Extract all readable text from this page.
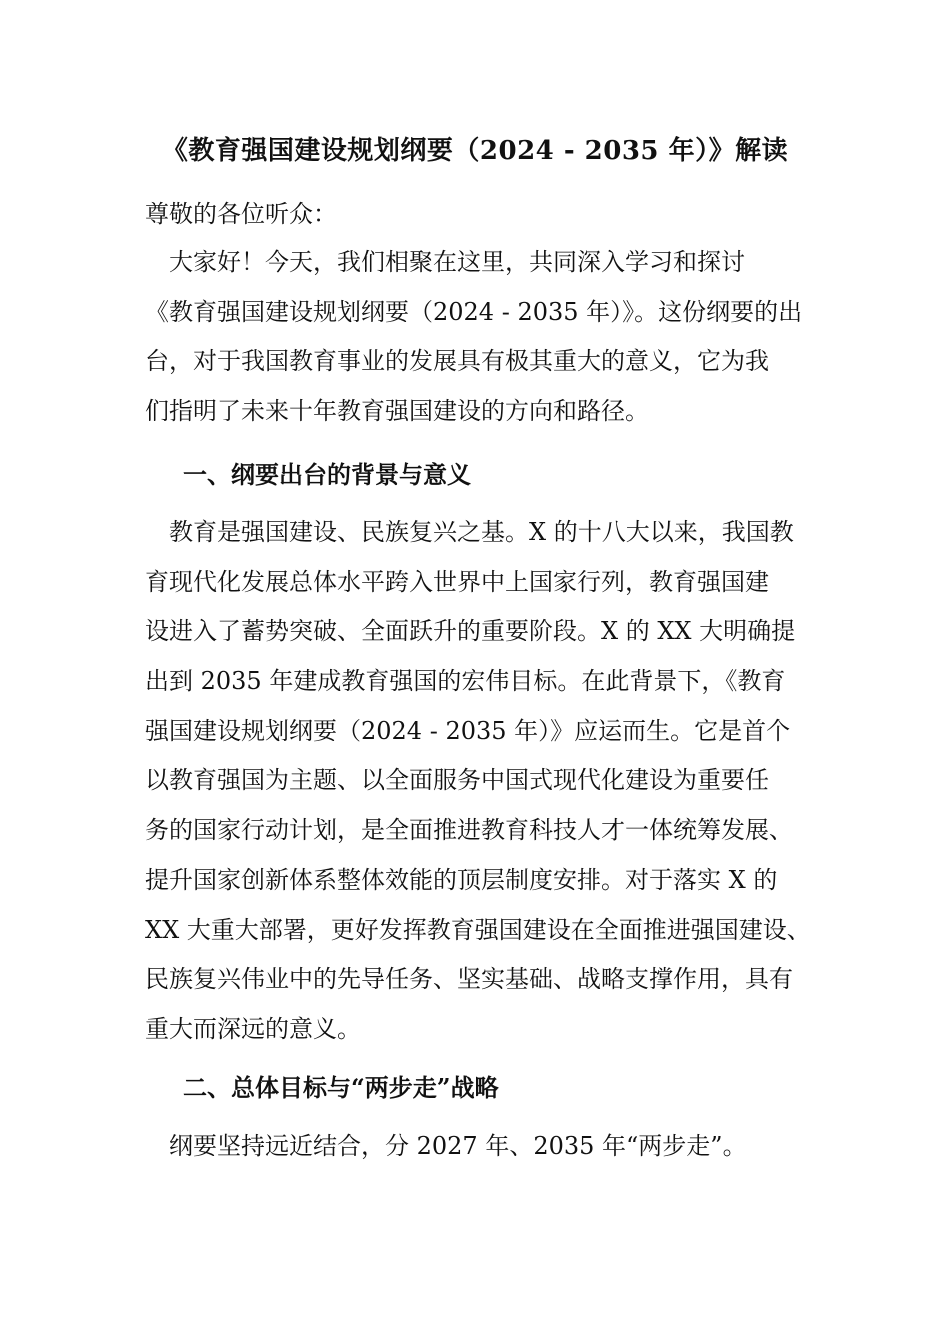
《教育强国建设规划纲要（2024 - 2035 年）》解读
尊敬的各位听众：
　大家好！今天，我们相聚在这里，共同深入学习和探讨
《教育强国建设规划纲要（2024 - 2035 年）》。这份纲要的出
台，对于我国教育事业的发展具有极其重大的意义，它为我
们指明了未来十年教育强国建设的方向和路径。
一、纲要出台的背景与意义
　教育是强国建设、民族复兴之基。X 的十八大以来，我国教
育现代化发展总体水平跨入世界中上国家行列，教育强国建
设进入了蓄势突破、全面跃升的重要阶段。X 的 XX 大明确提
出到 2035 年建成教育强国的宏伟目标。在此背景下，《教育
强国建设规划纲要（2024 - 2035 年）》应运而生。它是首个
以教育强国为主题、以全面服务中国式现代化建设为重要任
务的国家行动计划，是全面推进教育科技人才一体统筹发展、
提升国家创新体系整体效能的顶层制度安排。对于落实 X 的
XX 大重大部署，更好发挥教育强国建设在全面推进强国建设、
民族复兴伟业中的先导任务、坚实基础、战略支撑作用，具有
重大而深远的意义。
二、总体目标与“两步走”战略
　纲要坚持远近结合，分 2027 年、2035 年“两步走”。
